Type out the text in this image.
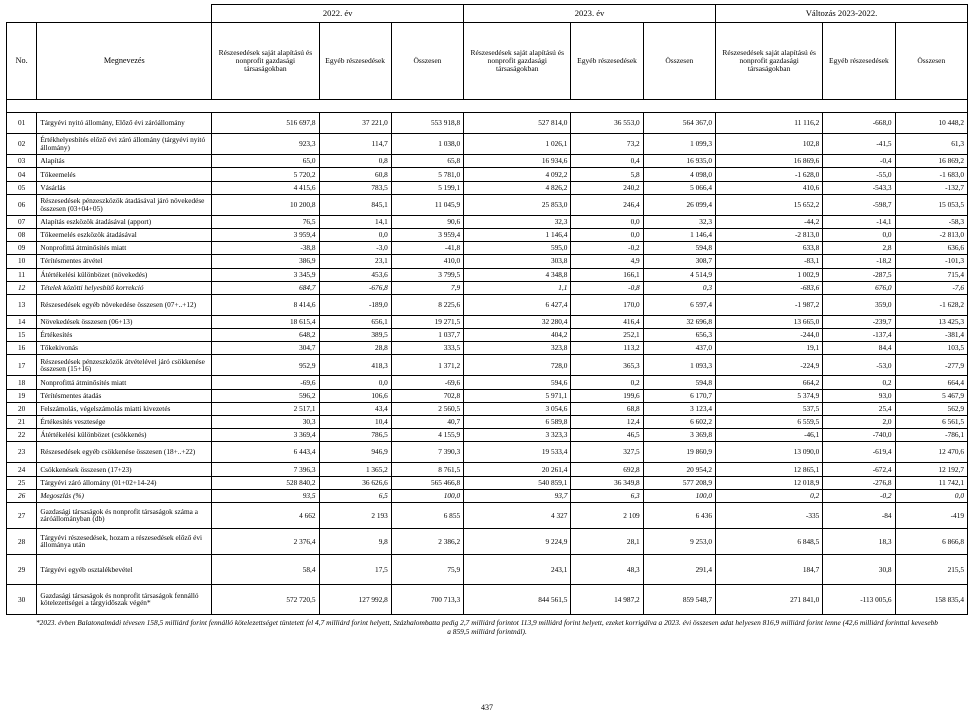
		2022. év			2023. év			Változás 2023-2022.		
No.	Megnevezés	Részesedések saját alapítású és nonprofit gazdasági társaságokban	Egyéb részesedések	Összesen	Részesedések saját alapítású és nonprofit gazdasági társaságokban	Egyéb részesedések	Összesen	Részesedések saját alapítású és nonprofit gazdasági társaságokban	Egyéb részesedések	Összesen

01	Tárgyévi nyitó állomány, Előző évi záróállomány	516 697,8	37 221,0	553 918,8	527 814,0	36 553,0	564 367,0	11 116,2	-668,0	10 448,2
02	Értékhelyesbítés előző évi záró állomány (tárgyévi nyitó állomány)	923,3	114,7	1 038,0	1 026,1	73,2	1 099,3	102,8	-41,5	61,3
03	Alapítás	65,0	0,8	65,8	16 934,6	0,4	16 935,0	16 869,6	-0,4	16 869,2
04	Tőkeemelés	5 720,2	60,8	5 781,0	4 092,2	5,8	4 098,0	-1 628,0	-55,0	-1 683,0
05	Vásárlás	4 415,6	783,5	5 199,1	4 826,2	240,2	5 066,4	410,6	-543,3	-132,7
06	Részesedések pénzeszközök átadásával járó növekedése összesen (03+04+05)	10 200,8	845,1	11 045,9	25 853,0	246,4	26 099,4	15 652,2	-598,7	15 053,5
07	Alapítás eszközök átadásával (apport)	76,5	14,1	90,6	32,3	0,0	32,3	-44,2	-14,1	-58,3
08	Tőkeemelés eszközök átadásával	3 959,4	0,0	3 959,4	1 146,4	0,0	1 146,4	-2 813,0	0,0	-2 813,0
09	Nonprofittá átminősítés miatt	-38,8	-3,0	-41,8	595,0	-0,2	594,8	633,8	2,8	636,6
10	Térítésmentes átvétel	386,9	23,1	410,0	303,8	4,9	308,7	-83,1	-18,2	-101,3
11	Átértékelési különbözet (növekedés)	3 345,9	453,6	3 799,5	4 348,8	166,1	4 514,9	1 002,9	-287,5	715,4
12	Tételek közötti helyesbítő korrekció	684,7	-676,8	7,9	1,1	-0,8	0,3	-683,6	676,0	-7,6
13	Részesedések egyéb növekedése összesen (07+..+12)	8 414,6	-189,0	8 225,6	6 427,4	170,0	6 597,4	-1 987,2	359,0	-1 628,2
14	Növekedések összesen (06+13)	18 615,4	656,1	19 271,5	32 280,4	416,4	32 696,8	13 665,0	-239,7	13 425,3
15	Értékesítés	648,2	389,5	1 037,7	404,2	252,1	656,3	-244,0	-137,4	-381,4
16	Tőkekivonás	304,7	28,8	333,5	323,8	113,2	437,0	19,1	84,4	103,5
17	Részesedések pénzeszközök átvételével járó csökkenése összesen (15+16)	952,9	418,3	1 371,2	728,0	365,3	1 093,3	-224,9	-53,0	-277,9
18	Nonprofittá átminősítés miatt	-69,6	0,0	-69,6	594,6	0,2	594,8	664,2	0,2	664,4
19	Térítésmentes átadás	596,2	106,6	702,8	5 971,1	199,6	6 170,7	5 374,9	93,0	5 467,9
20	Felszámolás, végelszámolás miatti kivezetés	2 517,1	43,4	2 560,5	3 054,6	68,8	3 123,4	537,5	25,4	562,9
21	Értékesítés vesztesége	30,3	10,4	40,7	6 589,8	12,4	6 602,2	6 559,5	2,0	6 561,5
22	Átértékelési különbözet (csökkenés)	3 369,4	786,5	4 155,9	3 323,3	46,5	3 369,8	-46,1	-740,0	-786,1
23	Részesedések egyéb csökkenése összesen (18+..+22)	6 443,4	946,9	7 390,3	19 533,4	327,5	19 860,9	13 090,0	-619,4	12 470,6
24	Csökkenések összesen (17+23)	7 396,3	1 365,2	8 761,5	20 261,4	692,8	20 954,2	12 865,1	-672,4	12 192,7
25	Tárgyévi záró állomány (01+02+14-24)	528 840,2	36 626,6	565 466,8	540 859,1	36 349,8	577 208,9	12 018,9	-276,8	11 742,1
26	Megoszlás (%)	93,5	6,5	100,0	93,7	6,3	100,0	0,2	-0,2	0,0
27	Gazdasági társaságok és nonprofit társaságok száma a záróállományban (db)	4 662	2 193	6 855	4 327	2 109	6 436	-335	-84	-419
28	Tárgyévi részesedések, hozam a részesedések előző évi állománya után	2 376,4	9,8	2 386,2	9 224,9	28,1	9 253,0	6 848,5	18,3	6 866,8
29	Tárgyévi egyéb osztalékbevétel	58,4	17,5	75,9	243,1	48,3	291,4	184,7	30,8	215,5
30	Gazdasági társaságok és nonprofit társaságok fennálló kötelezettségei a tárgyidőszak végén*	572 720,5	127 992,8	700 713,3	844 561,5	14 987,2	859 548,7	271 841,0	-113 005,6	158 835,4
*2023. évben Balatonalmádi tévesen 158,5 milliárd forint fennálló kötelezettséget tüntetett fel 4,7 milliárd forint helyett, Százhalombatta pedig 2,7 milliárd forintot 113,9 milliárd forint helyett, ezeket korrigálva a 2023. évi összesen adat helyesen 816,9 milliárd forint lenne (42,6 milliárd forinttal kevesebb a 859,5 milliárd forintnál).
437
